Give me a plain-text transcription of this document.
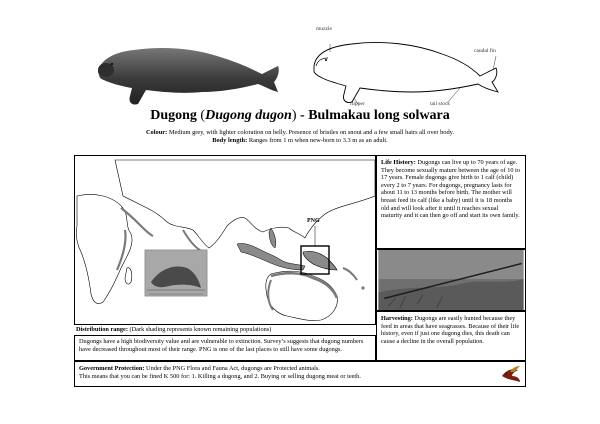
muzzle
caudal fin
flipper	tail stock
Dugong (Dugong dugon) - Bulmakau long solwara
Colour: Medium grey, with lighter coloration on belly. Presence of bristles on snout and a few small hairs all over body.
Body length: Ranges from 1 m when new-born to 3.3 m as an adult.
PNG
Life History: Dugongs can live up to 70 years of age. They become sexually mature between the age of 10 to 17 years. Female dugongs give birth to 1 calf (child) every 2 to 7 years. For dugongs, pregnancy lasts for about 11 to 13 months before birth. The mother will breast feed its calf (like a baby) until it is 18 months old and will look after it until it reaches sexual maturity and it can then go off and start its own family.
Harvesting: Dugongs are easily hunted because they feed in areas that have seagrasses. Because of their life history, even if just one dugong dies, this death can cause a decline in the overall population.
Distribution range: (Dark shading represents known remaining populations)
Dugongs have a high biodiversity value and are vulnerable to extinction. Survey’s suggests that dugong numbers have decreased throughout most of their range. PNG is one of the last places to still have some dugongs.
Government Protection: Under the PNG Flora and Fauna Act, dugongs are Protected animals.
This means that you can be fined K 500 for: 1. Killing a dugong, and 2. Buying or selling dugong meat or teeth.
